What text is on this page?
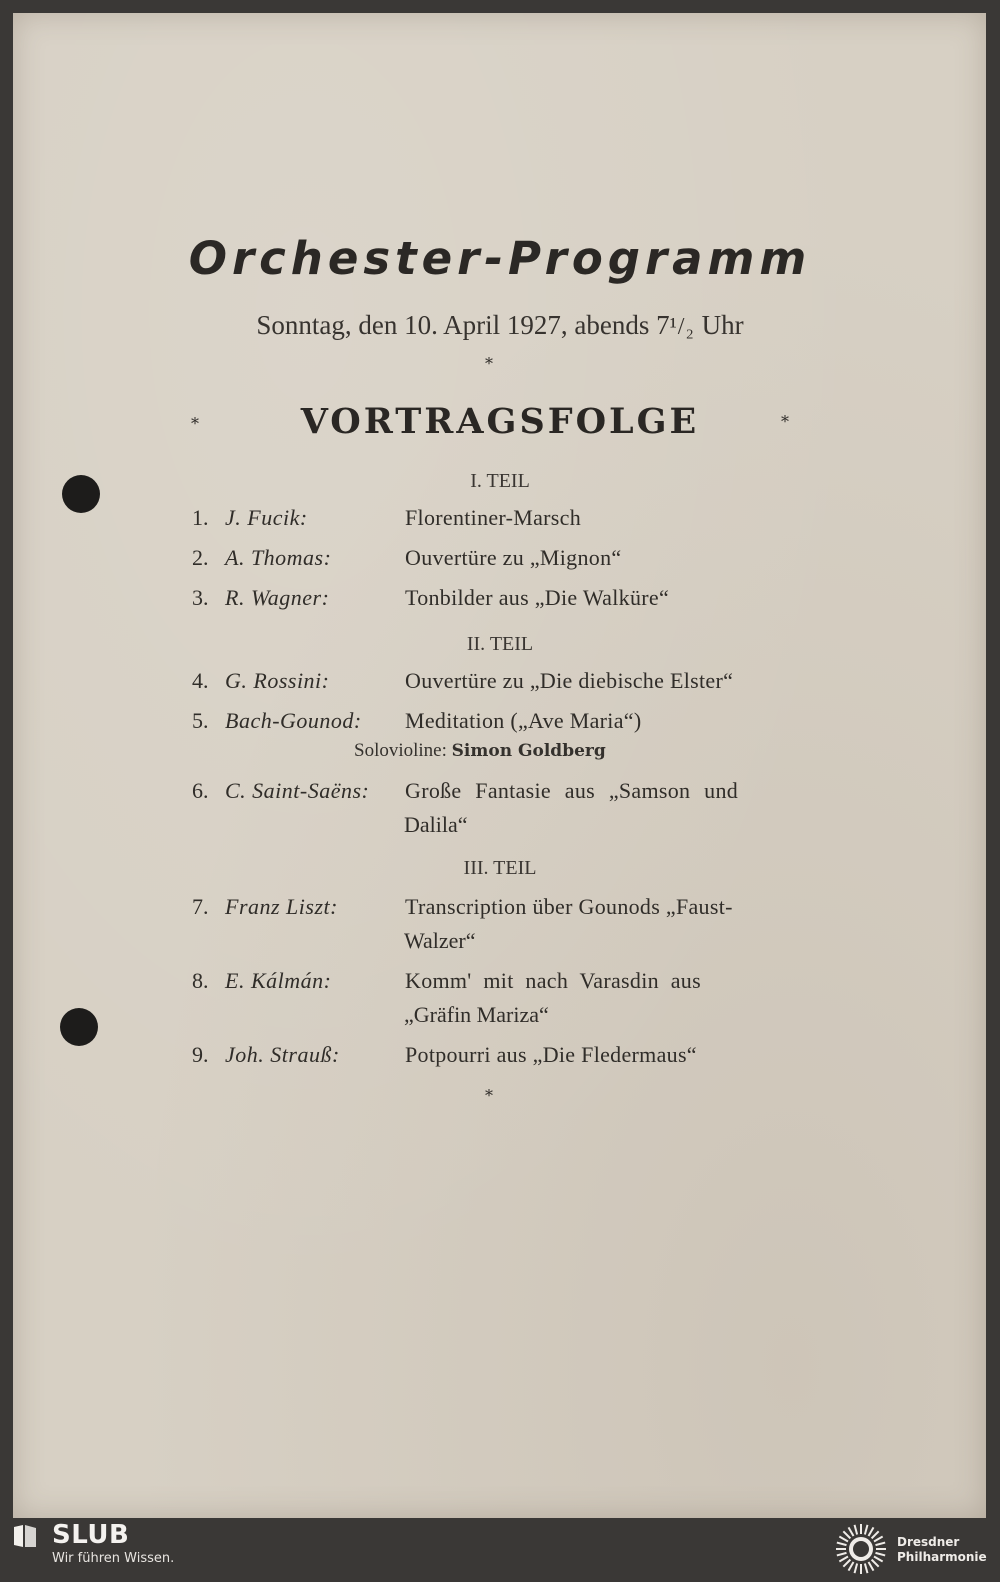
Orchester-Programm
Sonntag, den 10. April 1927, abends 7¹/₂ Uhr
*
*	VORTRAGSFOLGE	*
I. TEIL
1. J. Fucik:	Florentiner-Marsch
2. A. Thomas:	Ouvertüre zu „Mignon“
3. R. Wagner:	Tonbilder aus „Die Walküre“
II. TEIL
4. G. Rossini:	Ouvertüre zu „Die diebische Elster“
5. Bach-Gounod: Meditation („Ave Maria“)
Solovioline: Simon Goldberg
6. C. Saint-Saëns: Große Fantasie aus „Samson und
Dalila“
III. TEIL
7. Franz Liszt:	Transcription über Gounods „Faust-
Walzer“
8. E. Kálmán:	Komm' mit nach Varasdin aus
„Gräfin Mariza“
9. Joh. Strauß:	Potpourri aus „Die Fledermaus“
*
SLUB
Wir führen Wissen.
Dresdner
Philharmonie
